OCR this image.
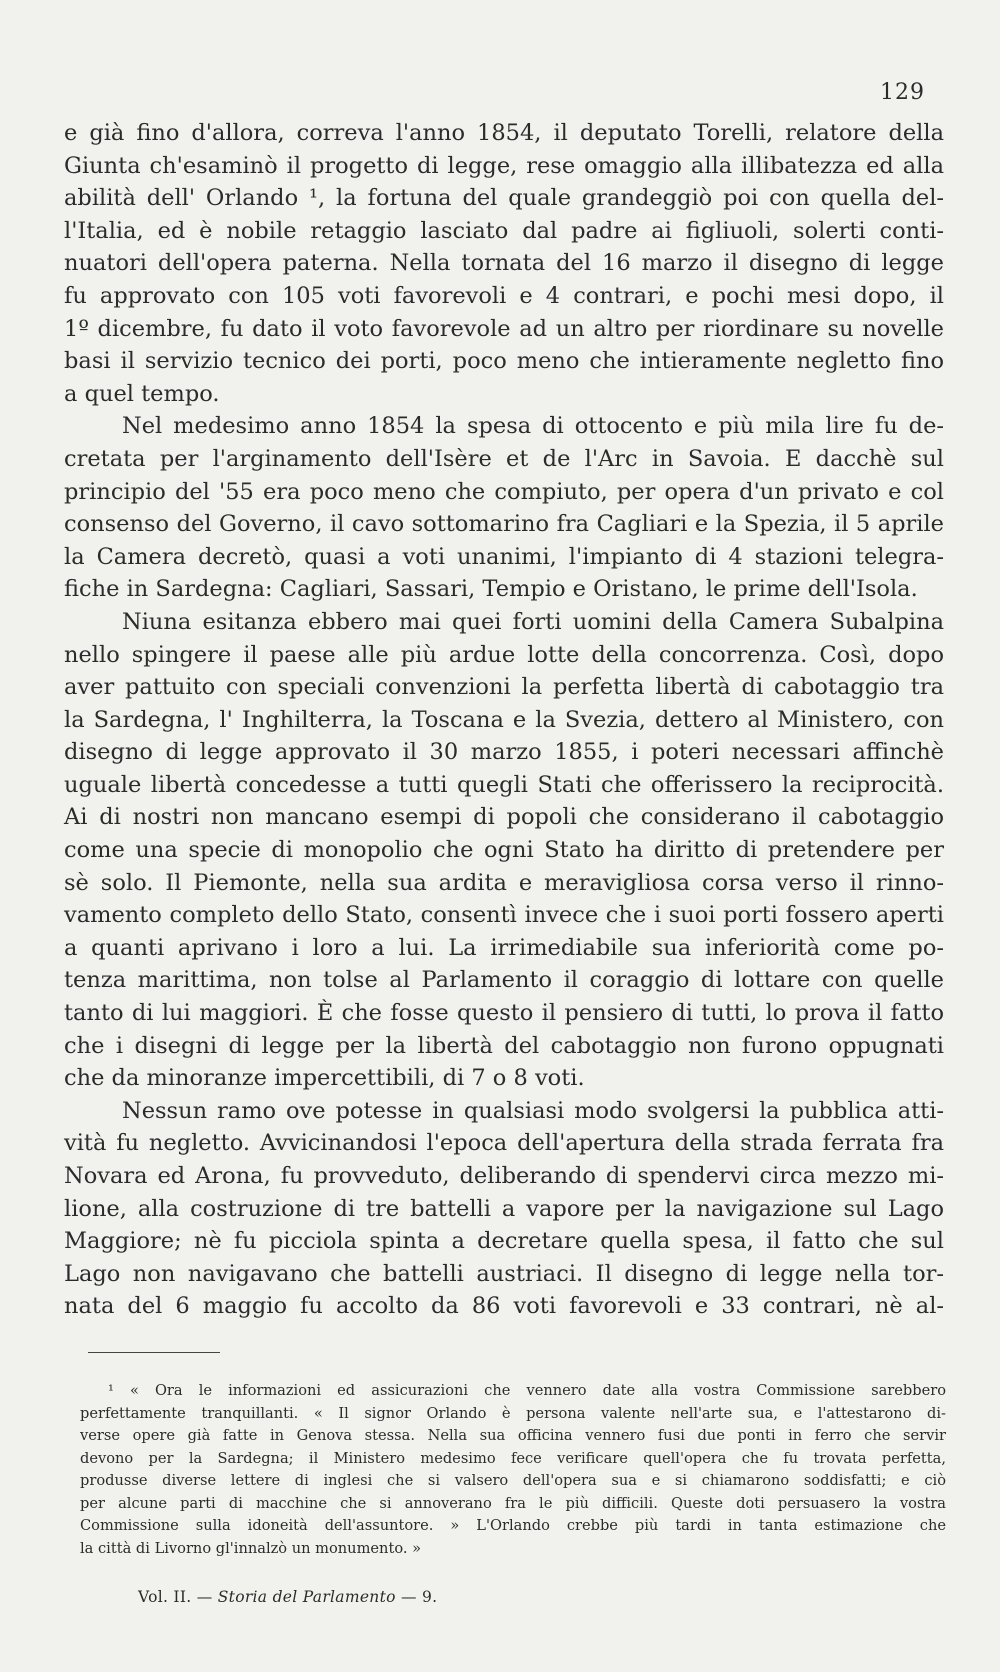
129
e già fino d'allora, correva l'anno 1854, il deputato Torelli, relatore della
Giunta ch'esaminò il progetto di legge, rese omaggio alla illibatezza ed alla
abilità dell' Orlando ¹, la fortuna del quale grandeggiò poi con quella del-
l'Italia, ed è nobile retaggio lasciato dal padre ai figliuoli, solerti conti-
nuatori dell'opera paterna. Nella tornata del 16 marzo il disegno di legge
fu approvato con 105 voti favorevoli e 4 contrari, e pochi mesi dopo, il
1º dicembre, fu dato il voto favorevole ad un altro per riordinare su novelle
basi il servizio tecnico dei porti, poco meno che intieramente negletto fino
a quel tempo.
Nel medesimo anno 1854 la spesa di ottocento e più mila lire fu de-
cretata per l'arginamento dell'Isère et de l'Arc in Savoia. E dacchè sul
principio del '55 era poco meno che compiuto, per opera d'un privato e col
consenso del Governo, il cavo sottomarino fra Cagliari e la Spezia, il 5 aprile
la Camera decretò, quasi a voti unanimi, l'impianto di 4 stazioni telegra-
fiche in Sardegna: Cagliari, Sassari, Tempio e Oristano, le prime dell'Isola.
Niuna esitanza ebbero mai quei forti uomini della Camera Subalpina
nello spingere il paese alle più ardue lotte della concorrenza. Così, dopo
aver pattuito con speciali convenzioni la perfetta libertà di cabotaggio tra
la Sardegna, l' Inghilterra, la Toscana e la Svezia, dettero al Ministero, con
disegno di legge approvato il 30 marzo 1855, i poteri necessari affinchè
uguale libertà concedesse a tutti quegli Stati che offerissero la reciprocità.
Ai di nostri non mancano esempi di popoli che considerano il cabotaggio
come una specie di monopolio che ogni Stato ha diritto di pretendere per
sè solo. Il Piemonte, nella sua ardita e meravigliosa corsa verso il rinno-
vamento completo dello Stato, consentì invece che i suoi porti fossero aperti
a quanti aprivano i loro a lui. La irrimediabile sua inferiorità come po-
tenza marittima, non tolse al Parlamento il coraggio di lottare con quelle
tanto di lui maggiori. È che fosse questo il pensiero di tutti, lo prova il fatto
che i disegni di legge per la libertà del cabotaggio non furono oppugnati
che da minoranze impercettibili, di 7 o 8 voti.
Nessun ramo ove potesse in qualsiasi modo svolgersi la pubblica atti-
vità fu negletto. Avvicinandosi l'epoca dell'apertura della strada ferrata fra
Novara ed Arona, fu provveduto, deliberando di spendervi circa mezzo mi-
lione, alla costruzione di tre battelli a vapore per la navigazione sul Lago
Maggiore; nè fu picciola spinta a decretare quella spesa, il fatto che sul
Lago non navigavano che battelli austriaci. Il disegno di legge nella tor-
nata del 6 maggio fu accolto da 86 voti favorevoli e 33 contrari, nè al-
¹ « Ora le informazioni ed assicurazioni che vennero date alla vostra Commissione sarebbero
perfettamente tranquillanti. « Il signor Orlando è persona valente nell'arte sua, e l'attestarono di-
verse opere già fatte in Genova stessa. Nella sua officina vennero fusi due ponti in ferro che servir
devono per la Sardegna; il Ministero medesimo fece verificare quell'opera che fu trovata perfetta,
produsse diverse lettere di inglesi che si valsero dell'opera sua e si chiamarono soddisfatti; e ciò
per alcune parti di macchine che si annoverano fra le più difficili. Queste doti persuasero la vostra
Commissione sulla idoneità dell'assuntore. » L'Orlando crebbe più tardi in tanta estimazione che
la città di Livorno gl'innalzò un monumento. »
Vol. II. — Storia del Parlamento — 9.
